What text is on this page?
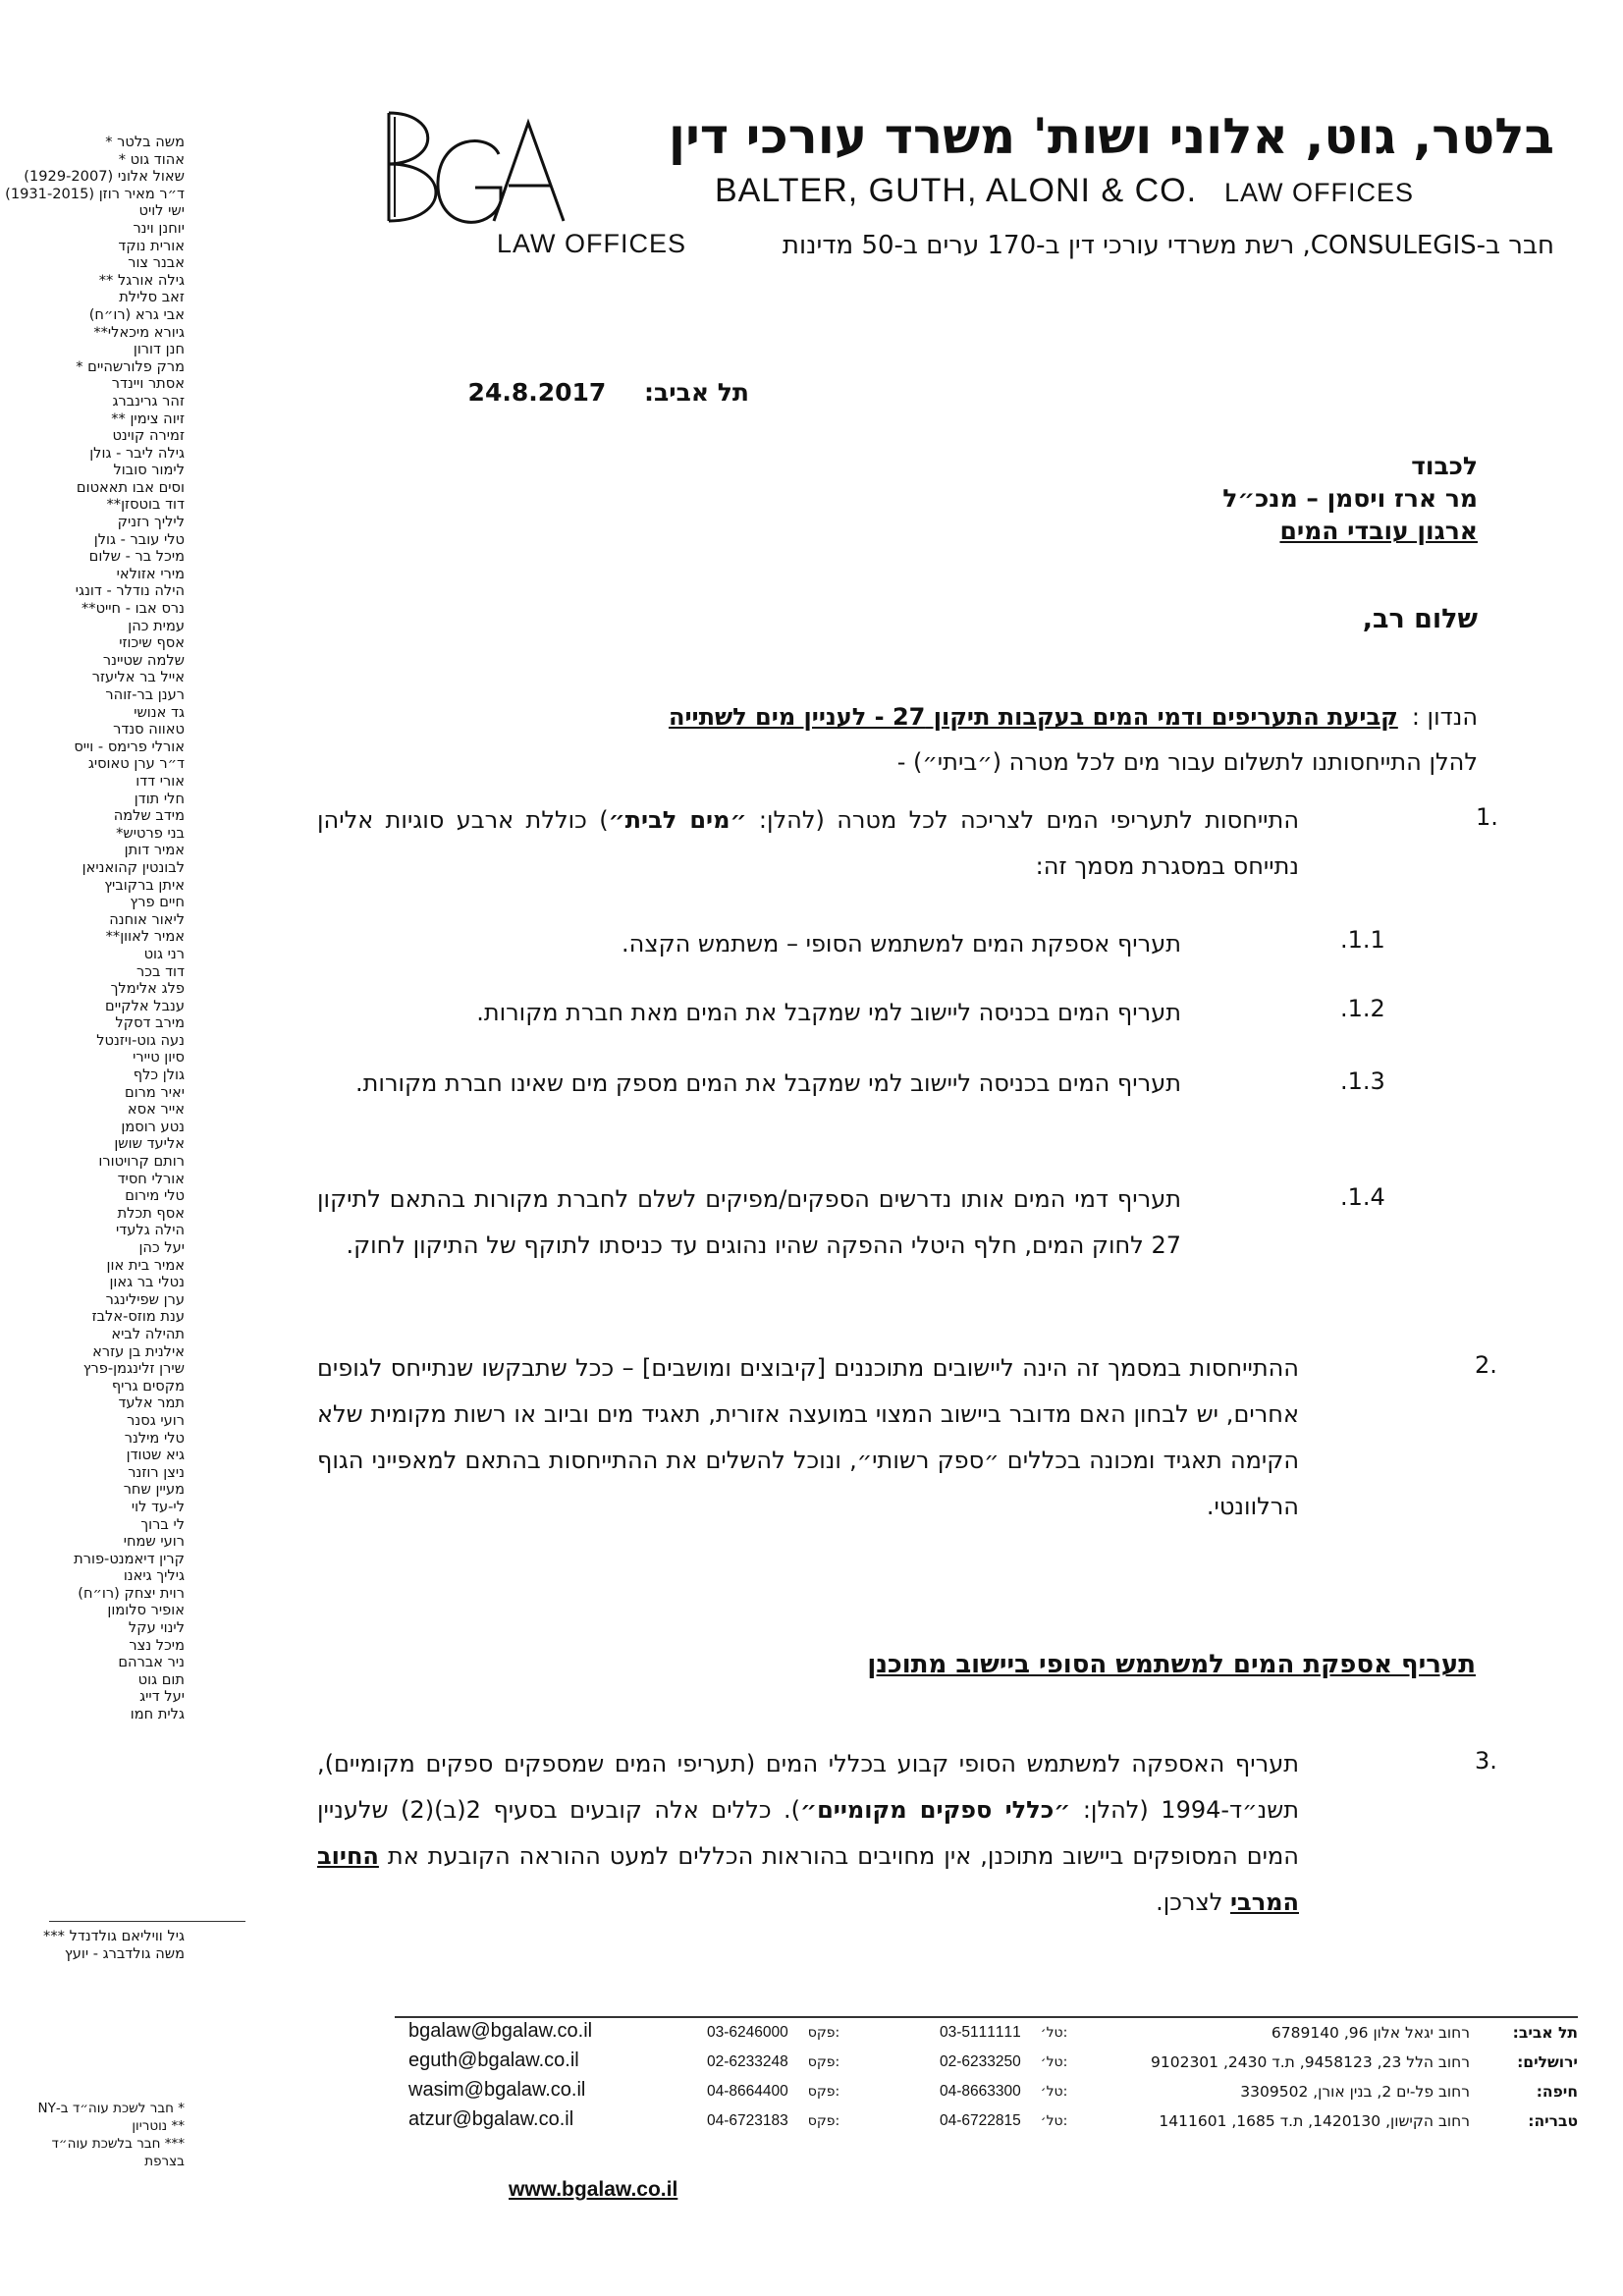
LAW OFFICES
בלטר, גוט, אלוני ושות' משרד עורכי דין
BALTER, GUTH, ALONI & CO. LAW OFFICES
חבר ב-CONSULEGIS, רשת משרדי עורכי דין ב-170 ערים ב-50 מדינות
משה בלטר *
אהוד גוט *
שאול אלוני (1929-2007)
ד״ר מאיר רוזן (1931-2015)
ישי לויט
יוחנן וינר
אורית נוקד
אבנר צור
גילה אורגל **
זאב סלילת
אבי גרא (רו״ח)
גיורא מיכאלי**
חנן דורון
מרק פלורשהיים *
אסתר ויינדר
זהר גרינברג
זיוה צימין **
זמירה קוינט
גילה ליבר - גולן
לימור סובול
וסים אבו תאאטום
דוד בוטסזן**
ליליך רזניק
טלי עובר - גולן
מיכל בר - שלום
מירי אזולאי
הילה נודלר - דונגי
נרס אבו - חייט**
עמית כהן
אסף שיכוזי
שלמה שטיינר
אייל בר אליעזר
רענן בר-זוהר
גד אנושי
טאווה סנדר
אורלי פרימס - וייס
ד״ר ערן טאוסיג
אורי דדו
חלי תודן
מידב שלמה
בני פרטיש*
אמיר דותן
לבונטין קהואניאן
איתן ברקוביץ
חיים פרץ
ליאור אוחנה
אמיר לאוון**
רני גוט
דוד בכר
פלג אלימלך
ענבל אלקיים
מירב דסקל
נעה גוט-ויזנטל
סיון טיירי
גולן כלף
יאיר מרום
אייר אסא
נטע רוסמן
אליעד שושן
רותם קרויטורו
אורלי חסיד
טלי מירום
אסף תכלת
הילה גלעדי
יעל כהן
אמיר בית און
נטלי בר גאון
ערן שפילינגר
ענת מוזס-אלבז
תהילה לביא
אילנית בן עזרא
שירן זלינגמן-פרץ
מקסים גריף
תמר אלעד
רועי גסנר
טלי מילנר
גיא שטודן
ניצן רוזנר
מעיין שחר
לי-עד לוי
לי ברוך
רועי שמחי
קרין דיאמנט-פורת
גיליך גיאנו
רוית יצחק (רו״ח)
אופיר סלומון
לינוי עקל
מיכל נצר
ניר אברהם
תום גוט
יעל דייג
גלית חמו
גיל וויליאם גולדנדל ***
משה גולדברג - יועץ
* חבר לשכת עוה״ד ב-NY
** נוטריון
*** חבר בלשכת עוה״ד
בצרפת
תל אביב: 24.8.2017
לכבוד
מר ארז ויסמן – מנכ״ל
ארגון עובדי המים
שלום רב,
הנדון :קביעת התעריפים ודמי המים בעקבות תיקון 27 - לעניין מים לשתייה
להלן התייחסותנו לתשלום עבור מים לכל מטרה (״ביתי״) -
1.
התייחסות לתעריפי המים לצריכה לכל מטרה (להלן: ״מים לבית״) כוללת ארבע סוגיות אליהן נתייחס במסגרת מסמך זה:
.1.1
תעריף אספקת המים למשתמש הסופי – משתמש הקצה.
.1.2
תעריף המים בכניסה ליישוב למי שמקבל את המים מאת חברת מקורות.
.1.3
תעריף המים בכניסה ליישוב למי שמקבל את המים מספק מים שאינו חברת מקורות.
.1.4
תעריף דמי המים אותו נדרשים הספקים/מפיקים לשלם לחברת מקורות בהתאם לתיקון 27 לחוק המים, חלף היטלי ההפקה שהיו נהוגים עד כניסתו לתוקף של התיקון לחוק.
2.
ההתייחסות במסמך זה הינה ליישובים מתוכננים [קיבוצים ומושבים] – ככל שתבקשו שנתייחס לגופים אחרים, יש לבחון האם מדובר ביישוב המצוי במועצה אזורית, תאגיד מים וביוב או רשות מקומית שלא הקימה תאגיד ומכונה בכללים ״ספק רשותי״, ונוכל להשלים את ההתייחסות בהתאם למאפייני הגוף הרלוונטי.
תעריף אספקת המים למשתמש הסופי ביישוב מתוכנן
3.
תעריף האספקה למשתמש הסופי קבוע בכללי המים (תעריפי המים שמספקים ספקים מקומיים), תשנ״ד-1994 (להלן: ״כללי ספקים מקומיים״). כללים אלה קובעים בסעיף 2(ב)(2) שלעניין המים המסופקים ביישוב מתוכנן, אין מחויבים בהוראות הכללים למעט ההוראה הקובעת את החיוב המרבי לצרכן.
תל אביב:
רחוב יגאל אלון 96, 6789140
03-5111111 טל׳:
03-6246000 פקס:
bgalaw@bgalaw.co.il
ירושלים:
רחוב הלל 23, 9458123, ת.ד 2430, 9102301
02-6233250 טל׳:
02-6233248 פקס:
eguth@bgalaw.co.il
חיפה:
רחוב פל-ים 2, בנין אורן, 3309502
04-8663300 טל׳:
04-8664400 פקס:
wasim@bgalaw.co.il
טבריה:
רחוב הקישון, 1420130, ת.ד 1685, 1411601
04-6722815 טל׳:
04-6723183 פקס:
atzur@bgalaw.co.il
www.bgalaw.co.il
